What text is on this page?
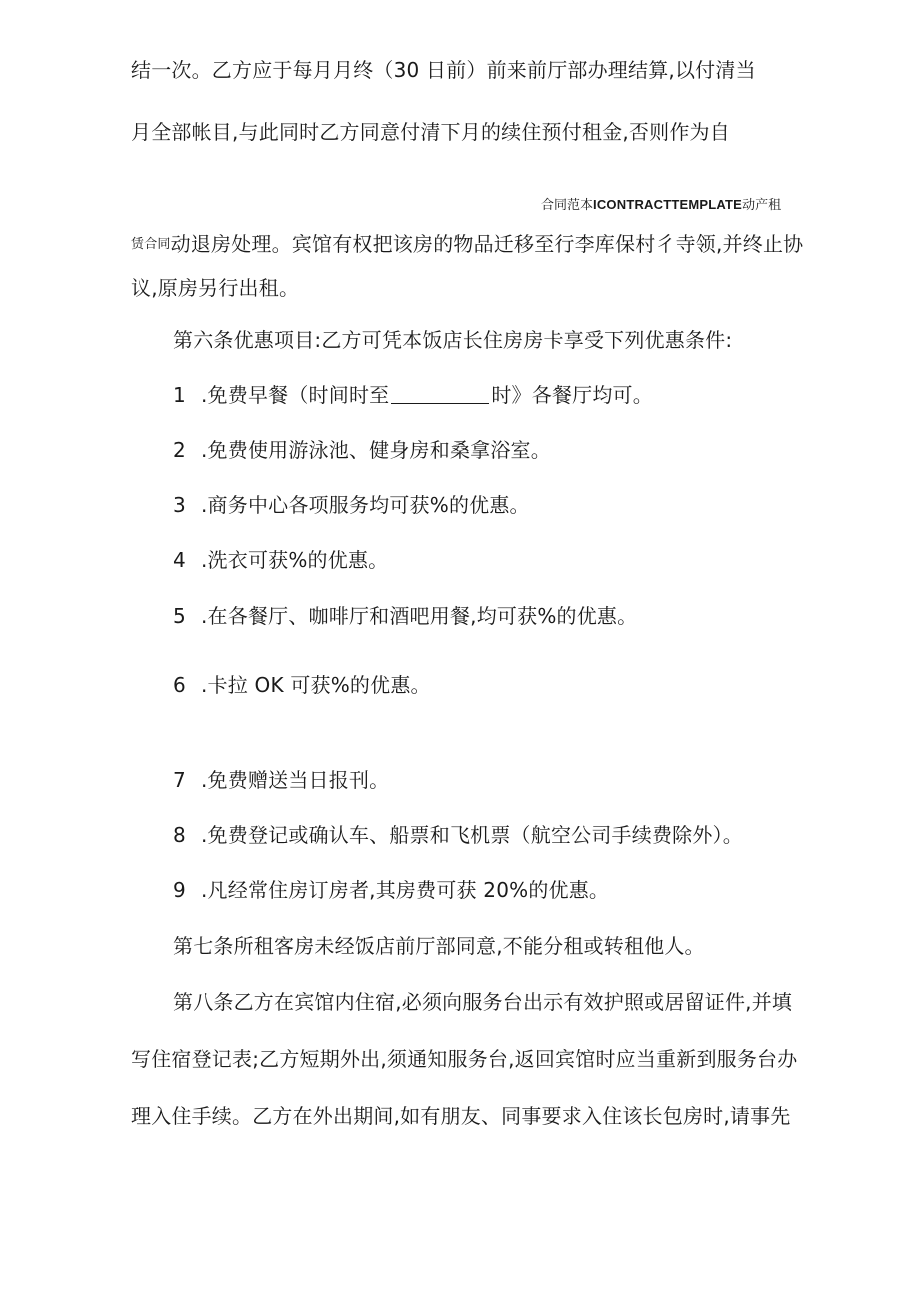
结一次。乙方应于每月月终（30 日前）前来前厅部办理结算,以付清当
月全部帐目,与此同时乙方同意付清下月的续住预付租金,否则作为自
合同范本ICONTRACTTEMPLATE动产租
赁合同动退房处理。宾馆有权把该房的物品迁移至行李库保村彳寺领,并终止协
议,原房另行出租。
第六条优惠项目:乙方可凭本饭店长住房房卡享受下列优惠条件:
1 .免费早餐（时间时至	时》各餐厅均可。
2 .免费使用游泳池、健身房和桑拿浴室。
3 .商务中心各项服务均可获%的优惠。
4 .洗衣可获%的优惠。
5 .在各餐厅、咖啡厅和酒吧用餐,均可获%的优惠。
6 .卡拉 OK 可获%的优惠。
7 .免费赠送当日报刊。
8 .免费登记或确认车、船票和飞机票（航空公司手续费除外）。
9 .凡经常住房订房者,其房费可获 20%的优惠。
第七条所租客房未经饭店前厅部同意,不能分租或转租他人。
第八条乙方在宾馆内住宿,必须向服务台出示有效护照或居留证件,并填
写住宿登记表;乙方短期外出,须通知服务台,返回宾馆时应当重新到服务台办
理入住手续。乙方在外出期间,如有朋友、同事要求入住该长包房时,请事先
